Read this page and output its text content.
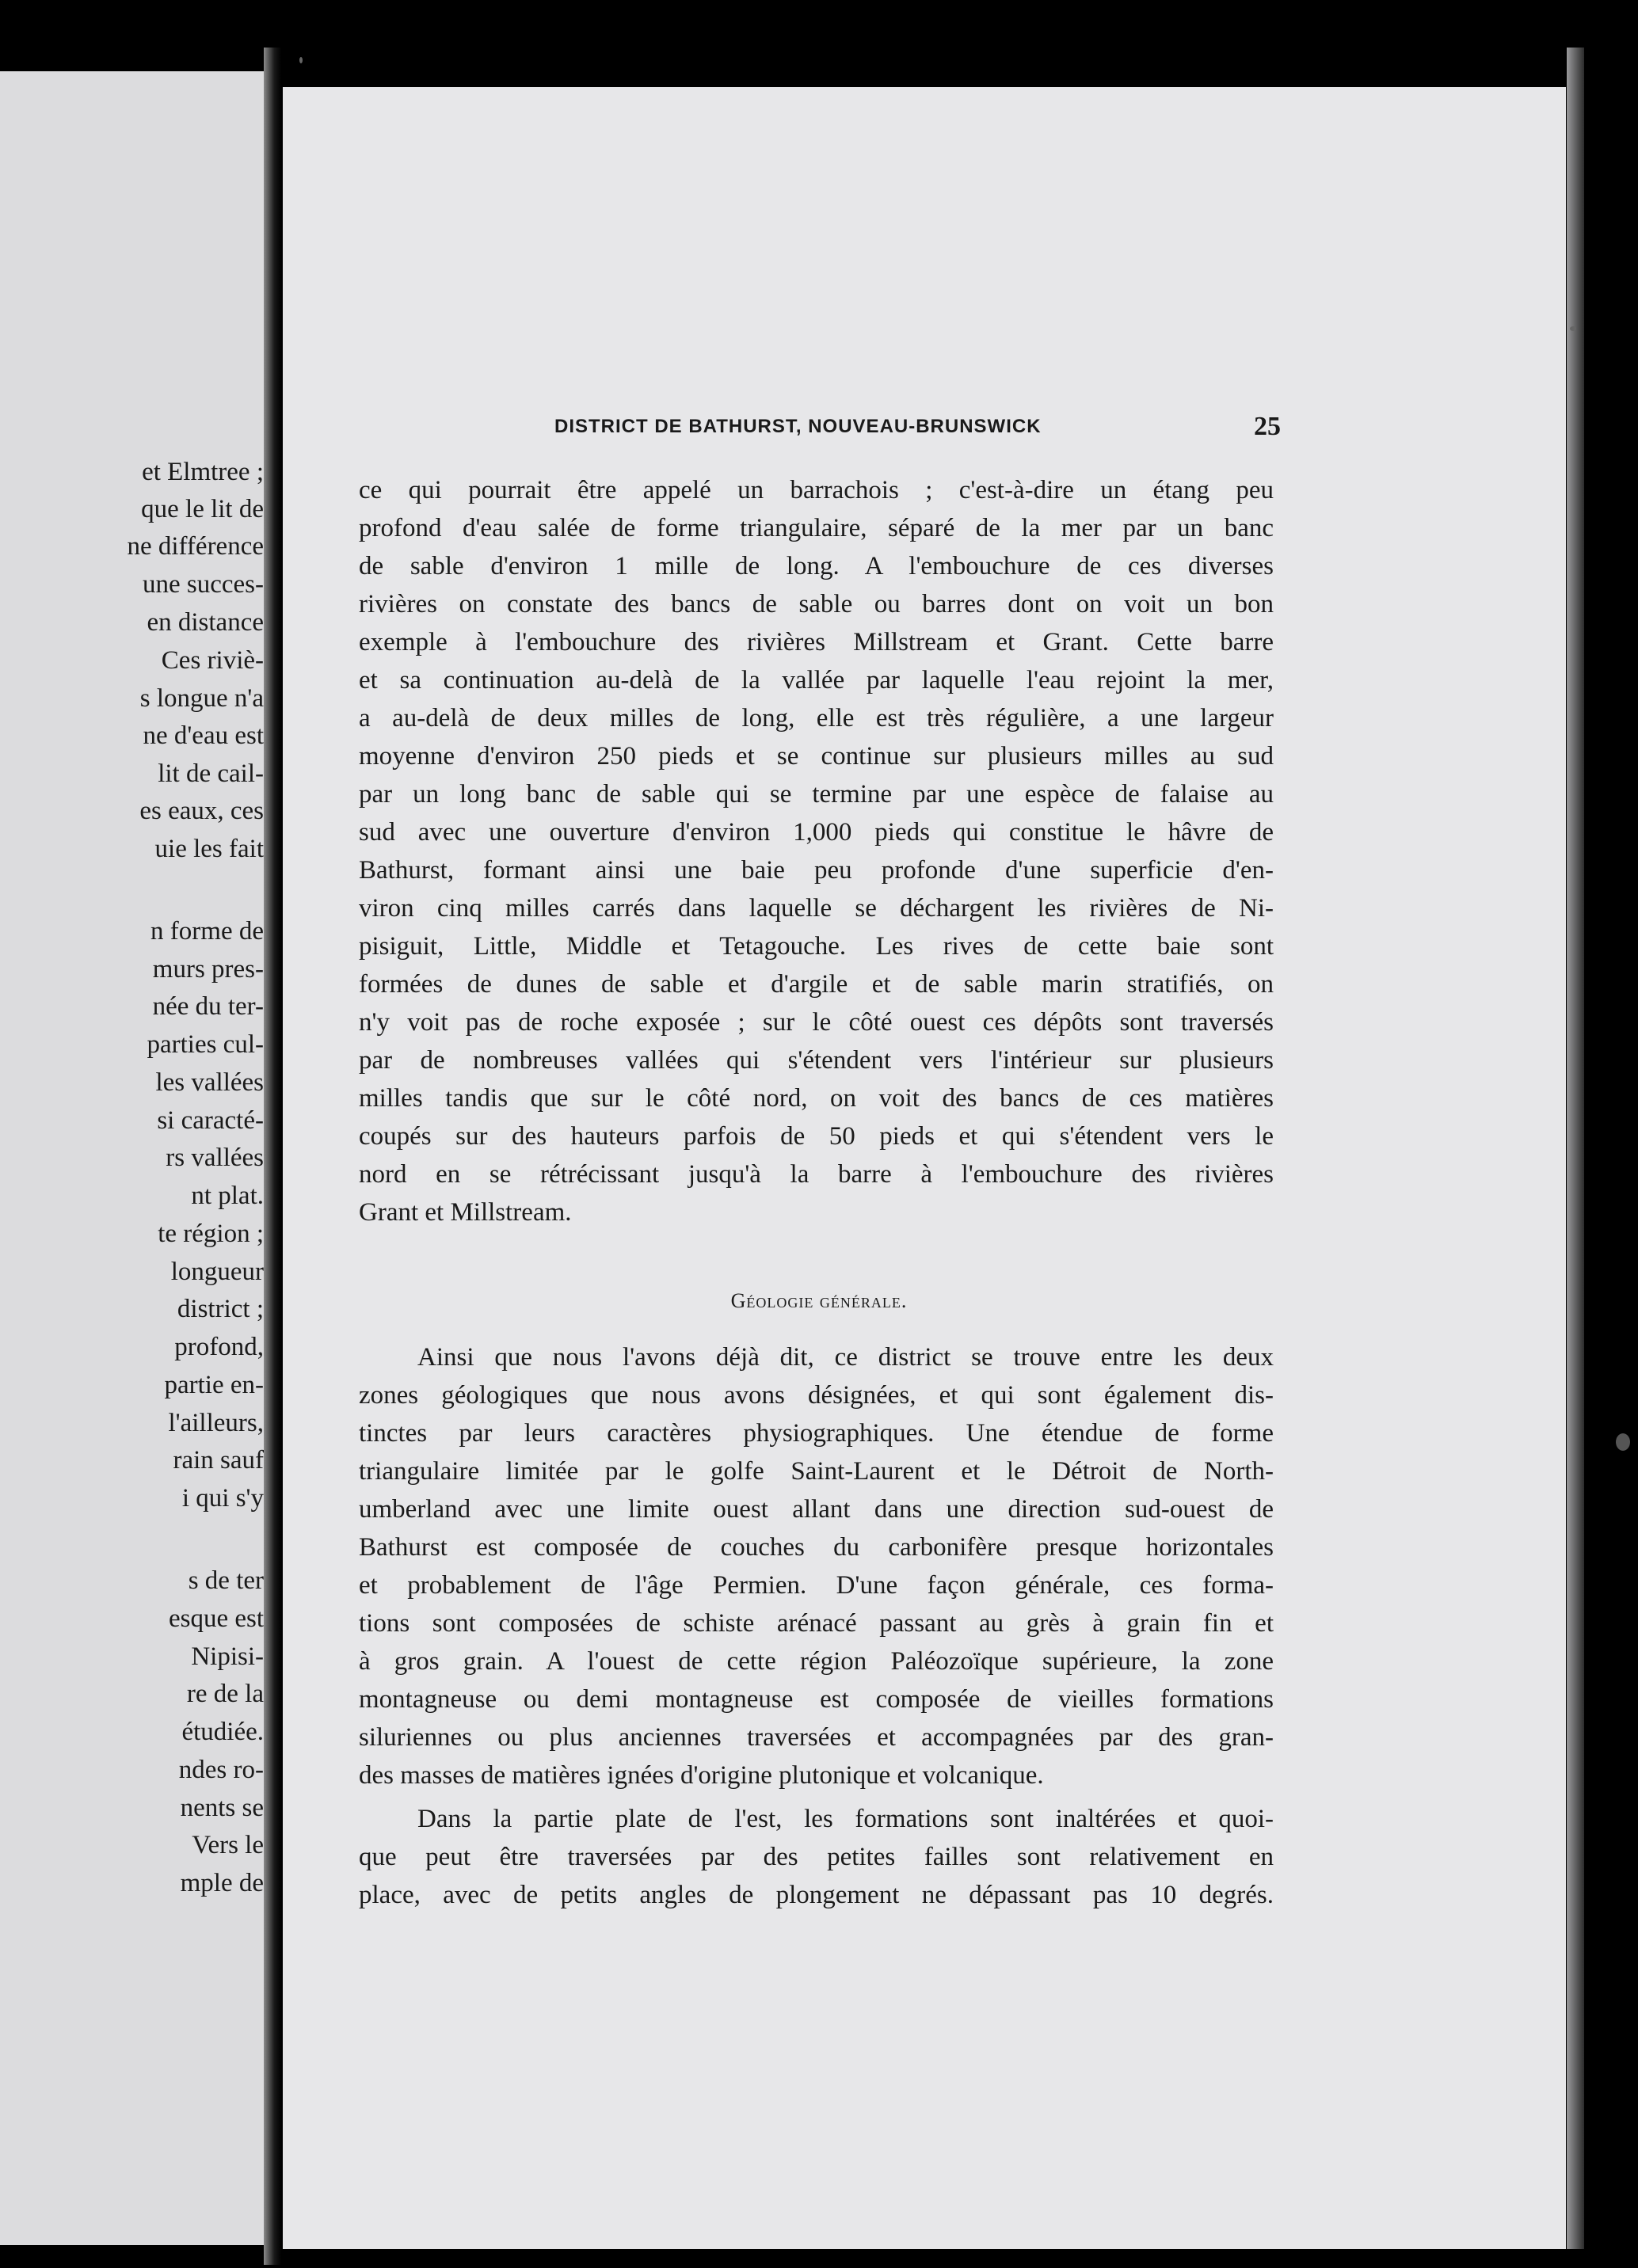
et Elmtree ;
que le lit de
ne différence
une succes-
en distance
Ces riviè-
s longue n'a
ne d'eau est
lit de cail-
es eaux, ces
uie les fait
n forme de
murs pres-
née du ter-
parties cul-
les vallées
si caracté-
rs vallées
nt plat.
te région ;
longueur
district ;
profond,
partie en-
l'ailleurs,
rain sauf
i qui s'y
s de ter
esque est
Nipisi-
re de la
étudiée.
ndes ro-
nents se
Vers le
mple de
DISTRICT DE BATHURST, NOUVEAU-BRUNSWICK	25
ce qui pourrait être appelé un barrachois ; c'est-à-dire un étang peu
profond d'eau salée de forme triangulaire, séparé de la mer par un banc
de sable d'environ 1 mille de long. A l'embouchure de ces diverses
rivières on constate des bancs de sable ou barres dont on voit un bon
exemple à l'embouchure des rivières Millstream et Grant. Cette barre
et sa continuation au-delà de la vallée par laquelle l'eau rejoint la mer,
a au-delà de deux milles de long, elle est très régulière, a une largeur
moyenne d'environ 250 pieds et se continue sur plusieurs milles au sud
par un long banc de sable qui se termine par une espèce de falaise au
sud avec une ouverture d'environ 1,000 pieds qui constitue le hâvre de
Bathurst, formant ainsi une baie peu profonde d'une superficie d'en-
viron cinq milles carrés dans laquelle se déchargent les rivières de Ni-
pisiguit, Little, Middle et Tetagouche. Les rives de cette baie sont
formées de dunes de sable et d'argile et de sable marin stratifiés, on
n'y voit pas de roche exposée ; sur le côté ouest ces dépôts sont traversés
par de nombreuses vallées qui s'étendent vers l'intérieur sur plusieurs
milles tandis que sur le côté nord, on voit des bancs de ces matières
coupés sur des hauteurs parfois de 50 pieds et qui s'étendent vers le
nord en se rétrécissant jusqu'à la barre à l'embouchure des rivières
Grant et Millstream.
Géologie générale.
Ainsi que nous l'avons déjà dit, ce district se trouve entre les deux
zones géologiques que nous avons désignées, et qui sont également dis-
tinctes par leurs caractères physiographiques. Une étendue de forme
triangulaire limitée par le golfe Saint-Laurent et le Détroit de North-
umberland avec une limite ouest allant dans une direction sud-ouest de
Bathurst est composée de couches du carbonifère presque horizontales
et probablement de l'âge Permien. D'une façon générale, ces forma-
tions sont composées de schiste arénacé passant au grès à grain fin et
à gros grain. A l'ouest de cette région Paléozoïque supérieure, la zone
montagneuse ou demi montagneuse est composée de vieilles formations
siluriennes ou plus anciennes traversées et accompagnées par des gran-
des masses de matières ignées d'origine plutonique et volcanique.
Dans la partie plate de l'est, les formations sont inaltérées et quoi-
que peut être traversées par des petites failles sont relativement en
place, avec de petits angles de plongement ne dépassant pas 10 degrés.
